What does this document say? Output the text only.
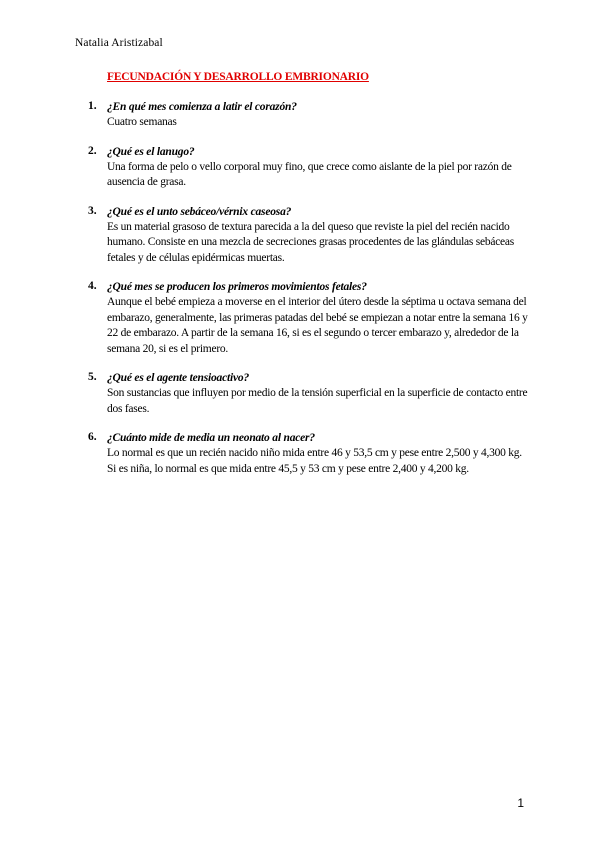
Natalia Aristizabal
FECUNDACIÓN Y DESARROLLO EMBRIONARIO
1. ¿En qué mes comienza a latir el corazón?
Cuatro semanas
2. ¿Qué es el lanugo?
Una forma de pelo o vello corporal muy fino, que crece como aislante de la piel por razón de ausencia de grasa.
3. ¿Qué es el unto sebáceo/vérnix caseosa?
Es un material grasoso de textura parecida a la del queso que reviste la piel del recién nacido humano. Consiste en una mezcla de secreciones grasas procedentes de las glándulas sebáceas fetales y de células epidérmicas muertas.
4. ¿Qué mes se producen los primeros movimientos fetales?
Aunque el bebé empieza a moverse en el interior del útero desde la séptima u octava semana del embarazo, generalmente, las primeras patadas del bebé se empiezan a notar entre la semana 16 y 22 de embarazo. A partir de la semana 16, si es el segundo o tercer embarazo y, alrededor de la semana 20, si es el primero.
5. ¿Qué es el agente tensioactivo?
Son sustancias que influyen por medio de la tensión superficial en la superficie de contacto entre dos fases.
6. ¿Cuánto mide de media un neonato al nacer?
Lo normal es que un recién nacido niño mida entre 46 y 53,5 cm y pese entre 2,500 y 4,300 kg. Si es niña, lo normal es que mida entre 45,5 y 53 cm y pese entre 2,400 y 4,200 kg.
1
